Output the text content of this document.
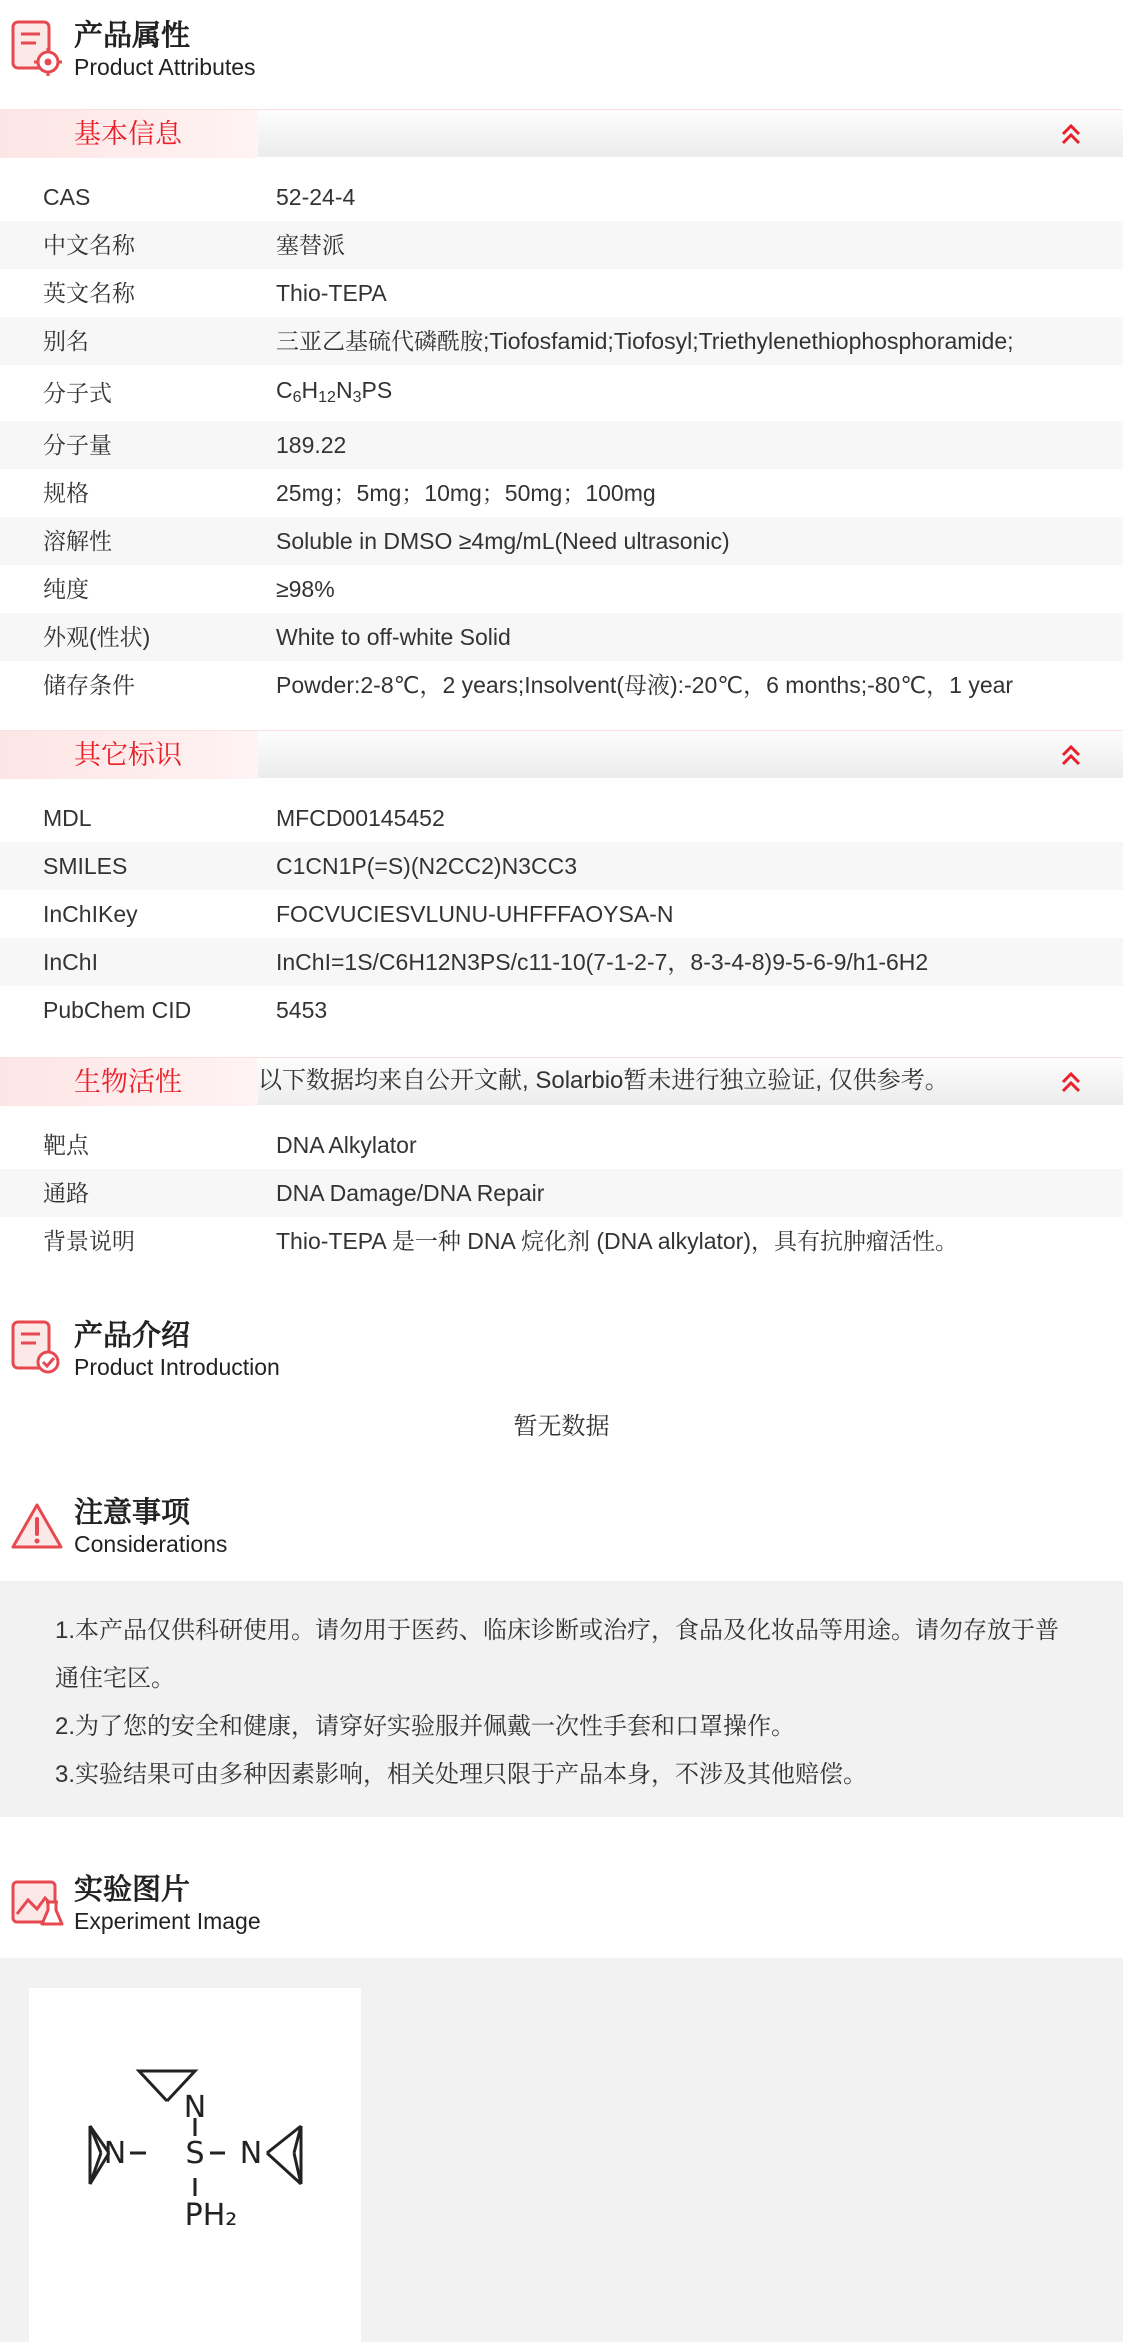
产品属性
Product Attributes
基本信息
CAS	52-24-4
中文名称	塞替派
英文名称	Thio-TEPA
别名	三亚乙基硫代磷酰胺;Tiofosfamid;Tiofosyl;Triethylenethiophosphoramide;
分子式	$C_6H_{12}N_3PS$
分子量	189.22
规格	25mg；5mg；10mg；50mg；100mg
溶解性	Soluble in DMSO ≥4mg/mL(Need ultrasonic)
纯度	≥98%
外观(性状)	White to off-white Solid
储存条件	Powder:2-8℃，2 years;Insolvent(母液):-20℃，6 months;-80℃，1 year
其它标识
MDL	MFCD00145452
SMILES	C1CN1P(=S)(N2CC2)N3CC3
InChIKey	FOCVUCIESVLUNU-UHFFFAOYSA-N
InChI	InChI=1S/C6H12N3PS/c11-10(7-1-2-7，8-3-4-8)9-5-6-9/h1-6H2
PubChem CID	5453
生物活性	以下数据均来自公开文献, Solarbio暂未进行独立验证, 仅供参考。
靶点	DNA Alkylator
通路	DNA Damage/DNA Repair
背景说明	Thio-TEPA 是一种 DNA 烷化剂 (DNA alkylator)，具有抗肿瘤活性。
产品介绍
Product Introduction
暂无数据
注意事项
Considerations

1.本产品仅供科研使用。请勿用于医药、临床诊断或治疗，食品及化妆品等用途。请勿存放于普

通住宅区。

2.为了您的安全和健康，请穿好实验服并佩戴一次性手套和口罩操作。

3.实验结果可由多种因素影响，相关处理只限于产品本身，不涉及其他赔偿。

实验图片
Experiment Image
N
N S N
PH₂
